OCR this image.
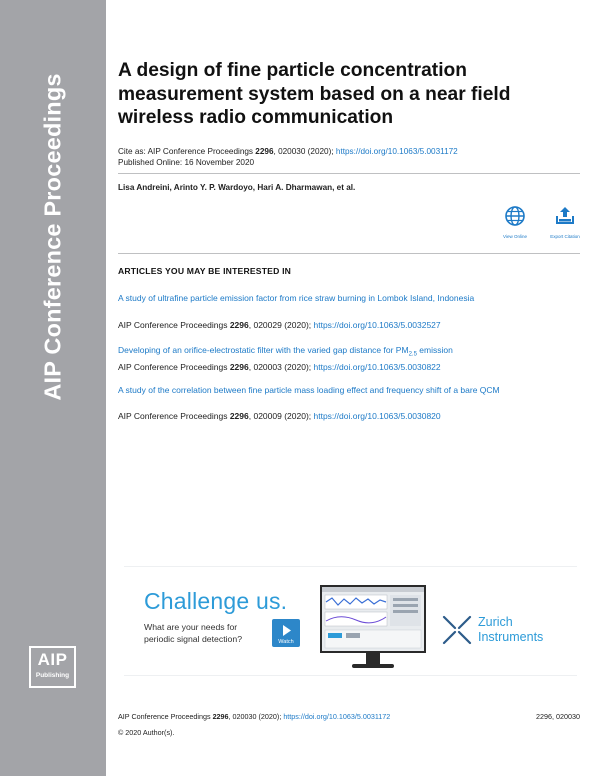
AIP Conference Proceedings
AIP
Publishing
A design of fine particle concentration measurement system based on a near field wireless radio communication
Cite as: AIP Conference Proceedings 2296, 020030 (2020); https://doi.org/10.1063/5.0031172
Published Online: 16 November 2020
Lisa Andreini, Arinto Y. P. Wardoyo, Hari A. Dharmawan, et al.
View Online	Export Citation
ARTICLES YOU MAY BE INTERESTED IN
A study of ultrafine particle emission factor from rice straw burning in Lombok Island, Indonesia
AIP Conference Proceedings 2296, 020029 (2020); https://doi.org/10.1063/5.0032527
Developing of an orifice-electrostatic filter with the varied gap distance for $PM_{2.5}$ emission
AIP Conference Proceedings 2296, 020003 (2020); https://doi.org/10.1063/5.0030822
A study of the correlation between fine particle mass loading effect and frequency shift of a bare QCM
AIP Conference Proceedings 2296, 020009 (2020); https://doi.org/10.1063/5.0030820
Challenge us.
What are your needs for
periodic signal detection?	Watch
Zurich
Instruments
AIP Conference Proceedings 2296, 020030 (2020); https://doi.org/10.1063/5.0031172	2296, 020030
© 2020 Author(s).
